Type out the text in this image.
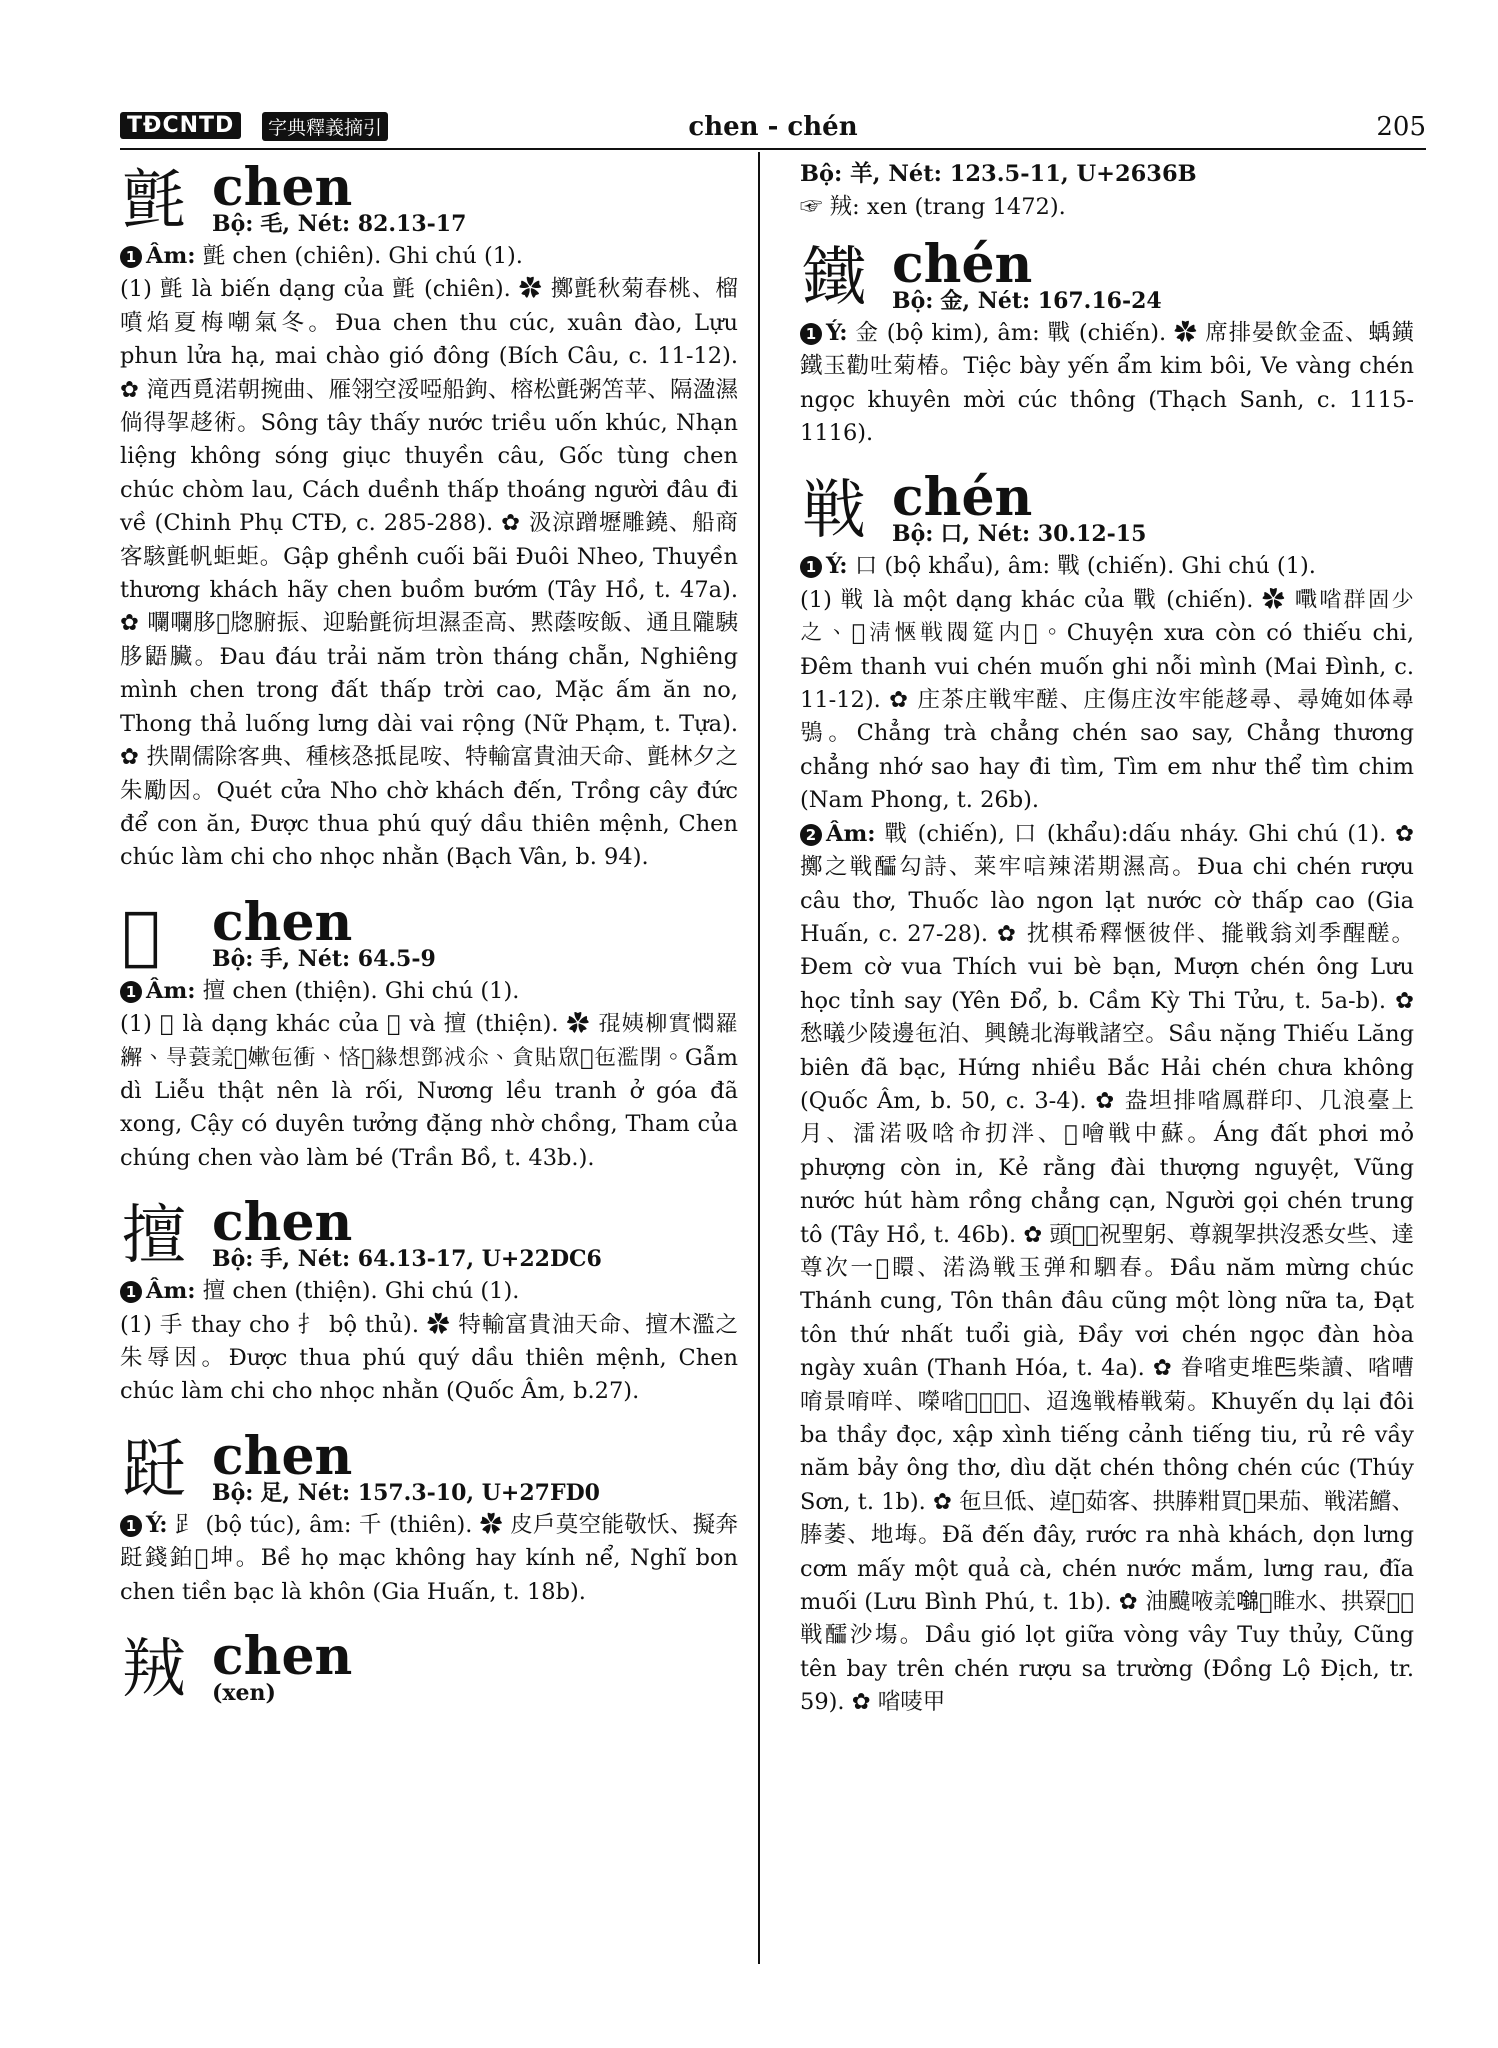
TĐCNTD	字典釋義摘引	chen - chén	205
氈 chen
Bộ: 毛, Nét: 82.13-17

1 Âm: 氈 chen (chiên). Ghi chú (1).

(1) 氈 là biến dạng của 氈 (chiên). ✿ 擲氈秋菊春桃、榴噴焰夏梅嘲氣冬。Đua chen thu cúc, xuân đào, Lựu phun lửa hạ, mai chào gió đông (Bích Câu, c. 11-12). ✿ 滝西覓渃朝捥曲、雁翎空浽啞船鉤、榕松氈粥笘苹、隔溋濕倘得㧝趍術。Sông tây thấy nước triều uốn khúc, Nhạn liệng không sóng giục thuyền câu, Gốc tùng chen chúc chòm lau, Cách duềnh thấp thoáng người đâu đi về (Chinh Phụ CTĐ, c. 285-288). ✿ 汲涼蹭壢雕鐃、船商客駭氈帆蚷蚷。Gập ghềnh cuối bãi Đuôi Nheo, Thuyền thương khách hãy chen buồm bướm (Tây Hồ, t. 47a). ✿ 㘓㘓䏧𦝄牎腑振、迎駘氈䘕坦濕歪高、黙蔭咹飯、通且隴䮊䏧鼯臟。Đau đáu trải năm tròn tháng chẵn, Nghiêng mình chen trong đất thấp trời cao, Mặc ấm ăn no, Thong thả luống lưng dài vai rộng (Nữ Phạm, t. Tựa). ✿ 抶閘儒除客典、種核㤂抵昆咹、特輸富貴油天命、氈林夕之朱勵因。Quét cửa Nho chờ khách đến, Trồng cây đức để con ăn, Được thua phú quý dầu thiên mệnh, Chen chúc làm chi cho nhọc nhằn (Bạch Vân, b. 94).

𢩮 chen
Bộ: 手, Nét: 64.5-9

1 Âm: 擅 chen (thiện). Ghi chú (1).

(1) 𢩮 là dạng khác của 𢩮 và 擅 (thiện). ✿ 𡥵姨柳實㦖羅繲、㝵蓑𦍛𨁪㜛㐌衝、悋𢚸緣想鄧㳚𠇍、貪貼衆𢩮㐌濫閉。Gẫm dì Liễu thật nên là rối, Nương lều tranh ở góa đã xong, Cậy có duyên tưởng đặng nhờ chồng, Tham của chúng chen vào làm bé (Trần Bồ, t. 43b.).

擅 chen
Bộ: 手, Nét: 64.13-17, U+22DC6

1 Âm: 擅 chen (thiện). Ghi chú (1).

(1) 手 thay cho 扌 bộ thủ). ✿ 特輸富貴油天命、擅木濫之朱辱因。Được thua phú quý dầu thiên mệnh, Chen chúc làm chi cho nhọc nhằn (Quốc Âm, b.27).

跹 chen
Bộ: 足, Nét: 157.3-10, U+27FD0

1 Ý: 𧾷 (bộ túc), âm: 千 (thiên). ✿ 皮戶莫空能敬㤇、擬奔跹錢鉑𥘀坤。Bề họ mạc không hay kính nể, Nghĩ bon chen tiền bạc là khôn (Gia Huấn, t. 18b).

羢 chen
(xen)

Bộ: 羊, Nét: 123.5-11, U+2636B

☞ 羢: xen (trang 1472).

鐵 chén
Bộ: 金, Nét: 167.16-24

1 Ý: 金 (bộ kim), âm: 戰 (chiến). ✿ 席排晏飲金盃、蝺鐄鐵玉勸吐菊椿。Tiệc bày yến ẩm kim bôi, Ve vàng chén ngọc khuyên mời cúc thông (Thạch Sanh, c. 1115-1116).

戦 chén
Bộ: 口, Nét: 30.12-15

1 Ý: 口 (bộ khẩu), âm: 戰 (chiến). Ghi chú (1).

(1) 戦 là một dạng khác của 戰 (chiến). ✿ 𡃹㗂群固少之、𣋚清愜戦閥筵内𦣰。Chuyện xưa còn có thiếu chi, Đêm thanh vui chén muốn ghi nỗi mình (Mai Đình, c. 11-12). ✿ 庄茶庄戦牢醝、庄傷庄汝牢能趍尋、尋㛪如体尋鴞。Chẳng trà chẳng chén sao say, Chẳng thương chẳng nhớ sao hay đi tìm, Tìm em như thể tìm chim (Nam Phong, t. 26b).

2 Âm: 戰 (chiến), 口 (khẩu):dấu nháy. Ghi chú (1). ✿ 擲之戦醽勾詩、莱牢唁辣渃期濕高。Đua chi chén rượu câu thơ, Thuốc lào ngon lạt nước cờ thấp cao (Gia Huấn, c. 27-28). ✿ 抌棋希釋愜彼伴、㨢戦翁刘季醒醝。Đem cờ vua Thích vui bè bạn, Mượn chén ông Lưu học tỉnh say (Yên Đổ, b. Cầm Kỳ Thi Tửu, t. 5a-b). ✿ 愁㬢少陵邊㐌泊、興饒北海戦諸空。Sầu nặng Thiếu Lăng biên đã bạc, Hứng nhiều Bắc Hải chén chưa không (Quốc Âm, b. 50, c. 3-4). ✿ 盎坦排㗂鳳群印、几浪臺上月、㵢渃吸唅㠳㧅泮、𠊚噲戦中蘇。Áng đất phơi mỏ phượng còn in, Kẻ rằng đài thượng nguyệt, Vũng nước hút hàm rồng chẳng cạn, Người gọi chén trung tô (Tây Hồ, t. 46b). ✿ 頭𢆥𪀄祝聖躬、尊親㧝拱沒悉女些、達尊次一𪀄䁵、渃溈戦玉弹和駟春。Đầu năm mừng chúc Thánh cung, Tôn thân đâu cũng một lòng nữa ta, Đạt tôn thứ nhất tuổi già, Đầy vơi chén ngọc đàn hòa ngày xuân (Thanh Hóa, t. 4a). ✿ 眷㗂吏堆𠀧柴讀、㗂嘈唷景唷咩、㘇㗂𡀳𠳚𤇮𦋦、迢逸戦椿戦菊。Khuyến dụ lại đôi ba thầy đọc, xập xình tiếng cảnh tiếng tiu, rủ rê vầy năm bảy ông thơ, dìu dặt chén thông chén cúc (Thúy Sơn, t. 1b). ✿ 㐌旦低、逴𨷑茹客、拱䏾粓買𠬠果茄、戦渃鱨、䏾萎、地㙁。Đã đến đây, rước ra nhà khách, dọn lưng cơm mấy một quả cà, chén nước mắm, lưng rau, đĩa muối (Lưu Bình Phú, t. 1b). ✿ 油颹㖡𦍛𡄎𡉦睢水、拱𦌒𠋣𨕭戦醽沙塲。Dầu gió lọt giữa vòng vây Tuy thủy, Cũng tên bay trên chén rượu sa trường (Đồng Lộ Địch, tr. 59). ✿ 㗂唛甲
